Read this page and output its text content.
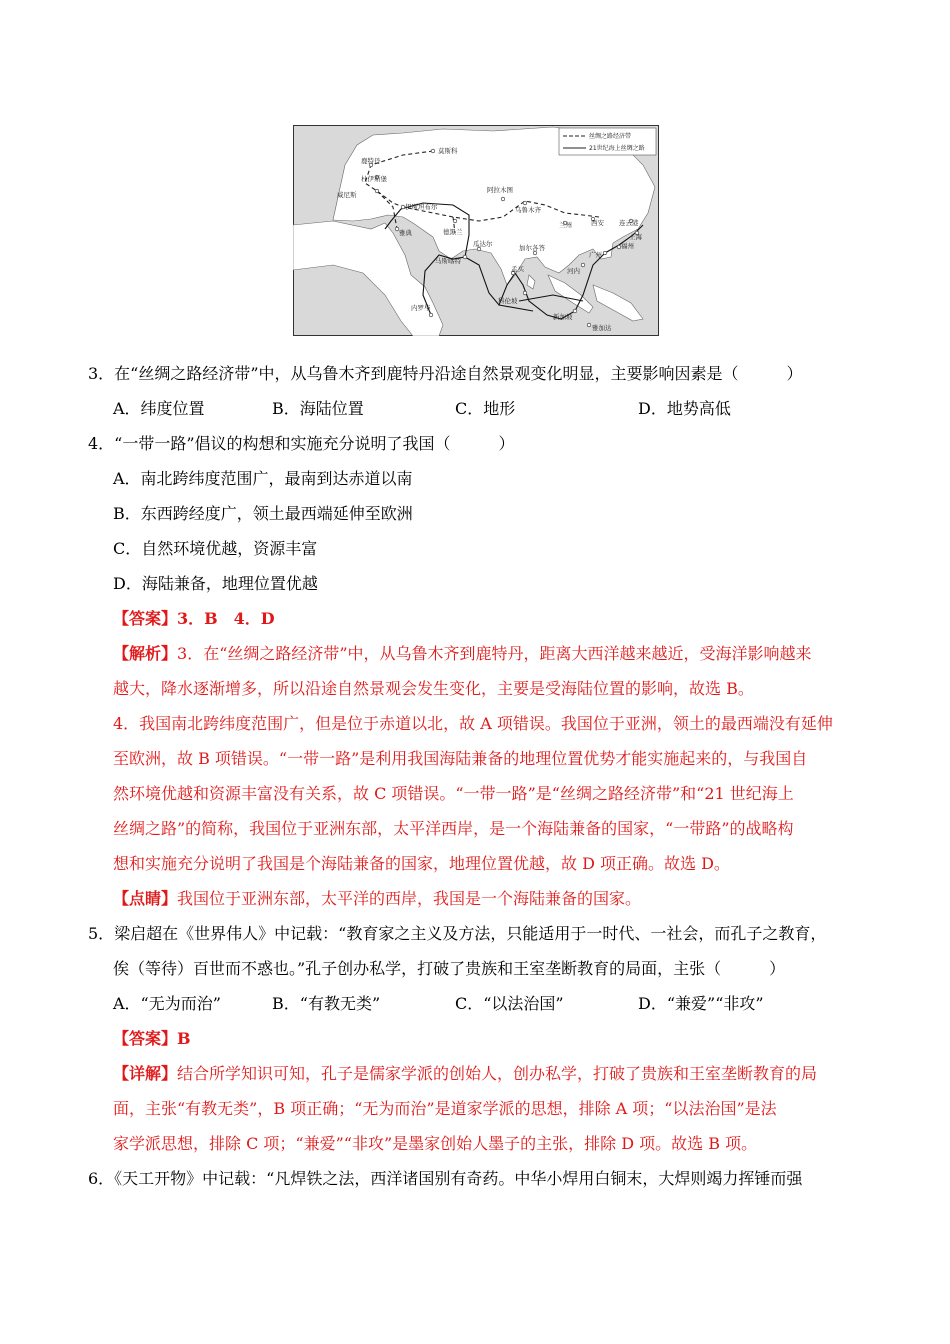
丝绸之路经济带
21世纪海上丝绸之路
莫斯科
鹿特丹
杜伊斯堡
威尼斯
伊斯坦布尔
雅典	德黑兰
阿拉木图
乌鲁木齐
兰州	西安 连云港
上海
福州
广州
瓜达尔
马斯喀特
加尔各答
孟买	河内
科伦坡
内罗毕
新加坡
雅加达
3．在“丝绸之路经济带”中，从乌鲁木齐到鹿特丹沿途自然景观变化明显，主要影响因素是（　　　）
A．纬度位置	B．海陆位置	C．地形	D．地势高低
4．“一带一路”倡议的构想和实施充分说明了我国（　　　）
A．南北跨纬度范围广，最南到达赤道以南
B．东西跨经度广，领土最西端延伸至欧洲
C．自然环境优越，资源丰富
D．海陆兼备，地理位置优越
【答案】3．B　4．D
【解析】3．在“丝绸之路经济带”中，从乌鲁木齐到鹿特丹，距离大西洋越来越近，受海洋影响越来
越大，降水逐渐增多，所以沿途自然景观会发生变化，主要是受海陆位置的影响，故选 B。
4．我国南北跨纬度范围广，但是位于赤道以北，故 A 项错误。我国位于亚洲，领土的最西端没有延伸
至欧洲，故 B 项错误。“一带一路”是利用我国海陆兼备的地理位置优势才能实施起来的，与我国自
然环境优越和资源丰富没有关系，故 C 项错误。“一带一路”是“丝绸之路经济带”和“21 世纪海上
丝绸之路”的简称，我国位于亚洲东部，太平洋西岸，是一个海陆兼备的国家，“一带路”的战略构
想和实施充分说明了我国是个海陆兼备的国家，地理位置优越，故 D 项正确。故选 D。
【点睛】我国位于亚洲东部，太平洋的西岸，我国是一个海陆兼备的国家。
5．梁启超在《世界伟人》中记载：“教育家之主义及方法，只能适用于一时代、一社会，而孔子之教育，
俟（等待）百世而不惑也。”孔子创办私学，打破了贵族和王室垄断教育的局面，主张（　　　）
A．“无为而治”	B．“有教无类”	C．“以法治国”	D．“兼爱”“非攻”
【答案】B
【详解】结合所学知识可知，孔子是儒家学派的创始人，创办私学，打破了贵族和王室垄断教育的局
面，主张“有教无类”，B 项正确；“无为而治”是道家学派的思想，排除 A 项；“以法治国”是法
家学派思想，排除 C 项；“兼爱”“非攻”是墨家创始人墨子的主张，排除 D 项。故选 B 项。
6．《天工开物》中记载：“凡焊铁之法，西洋诸国别有奇药。中华小焊用白铜末，大焊则竭力挥锤而强
